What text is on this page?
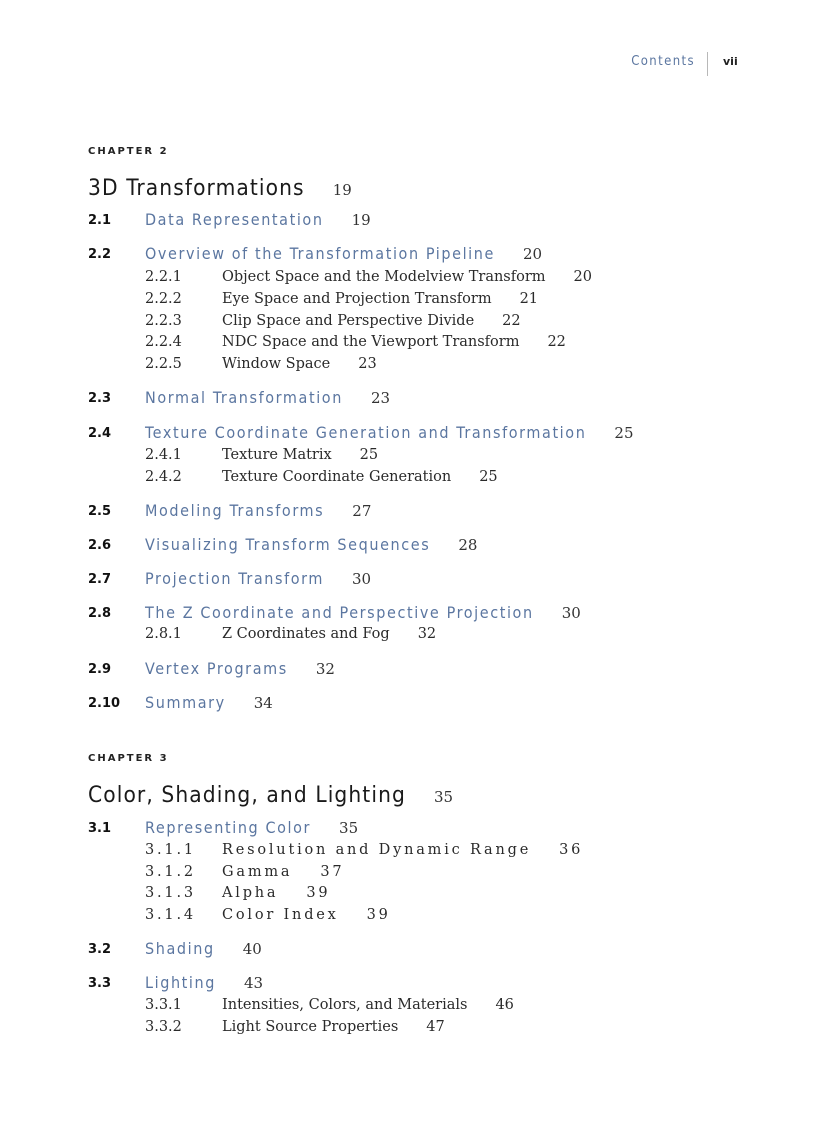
Contents	vii
CHAPTER 2
3D Transformations 19
2.1 Data Representation 19
2.2 Overview of the Transformation Pipeline 20
2.2.1	Object Space and the Modelview Transform 20
2.2.2	Eye Space and Projection Transform 21
2.2.3	Clip Space and Perspective Divide 22
2.2.4	NDC Space and the Viewport Transform 22
2.2.5	Window Space 23
2.3 Normal Transformation 23
2.4 Texture Coordinate Generation and Transformation 25
2.4.1	Texture Matrix 25
2.4.2	Texture Coordinate Generation 25
2.5 Modeling Transforms 27
2.6 Visualizing Transform Sequences 28
2.7 Projection Transform 30
2.8 The Z Coordinate and Perspective Projection 30
2.8.1	Z Coordinates and Fog 32
2.9 Vertex Programs 32
2.10 Summary 34
CHAPTER 3
Color, Shading, and Lighting 35
3.1 Representing Color 35
3.1.1 Resolution and Dynamic Range 36
3.1.2 Gamma 37
3.1.3 Alpha 39
3.1.4 Color Index 39
3.2 Shading 40
3.3 Lighting 43
3.3.1	Intensities, Colors, and Materials 46
3.3.2	Light Source Properties 47
